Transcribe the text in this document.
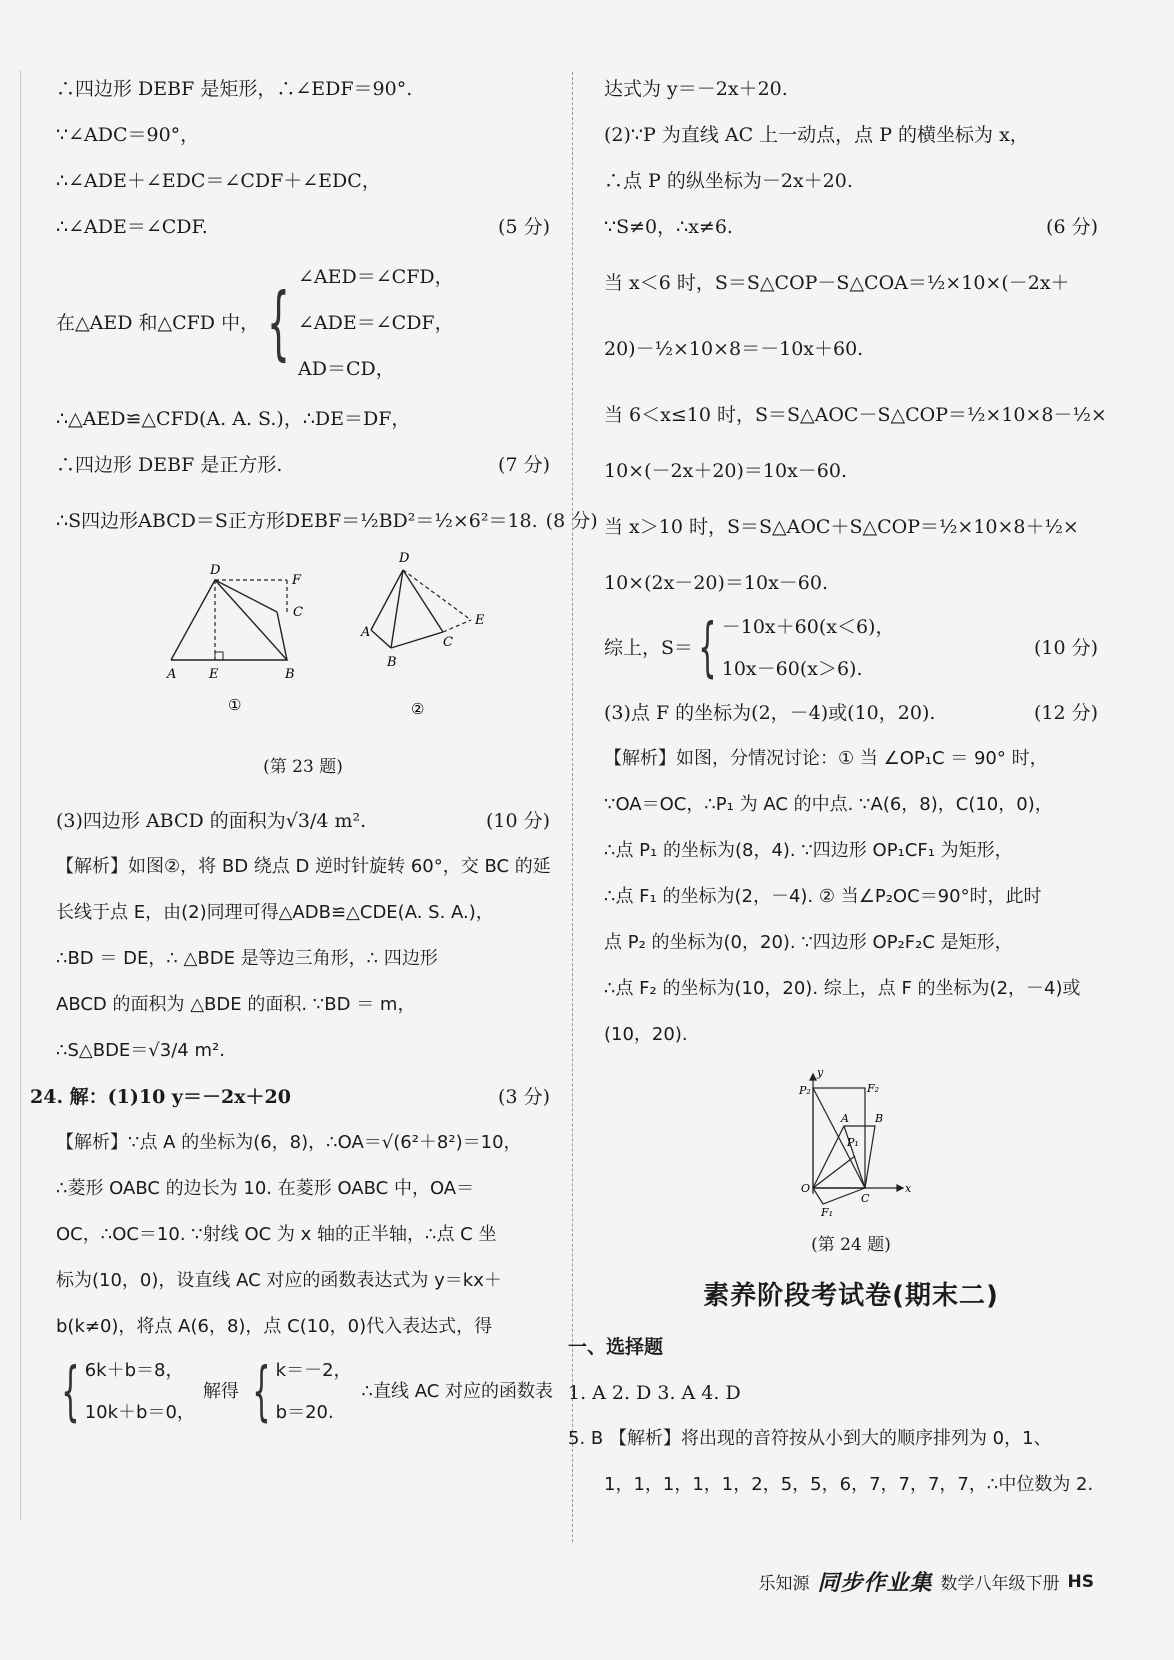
∴四边形 DEBF 是矩形，∴∠EDF＝90°.

∵∠ADC＝90°，

∴∠ADE＋∠EDC＝∠CDF＋∠EDC，

∴∠ADE＝∠CDF.	(5 分)

在△AED 和△CFD 中， { ∠AED＝∠CFD，
∠ADE＝∠CDF，
AD＝CD，

∴△AED≌△CFD(A. A. S.)，∴DE＝DF，

∴四边形 DEBF 是正方形.	(7 分)

∴S四边形ABCD＝S正方形DEBF＝½BD²＝½×6²＝18. (8 分)

D
F
C
A	E	B
①
D
E
A
C
B
②

(第 23 题)

(3)四边形 ABCD 的面积为√3/4 m².	(10 分)

【解析】如图②，将 BD 绕点 D 逆时针旋转 60°，交 BC 的延

长线于点 E，由(2)同理可得△ADB≌△CDE(A. S. A.)，

∴BD ＝ DE，∴ △BDE 是等边三角形，∴ 四边形

ABCD 的面积为 △BDE 的面积. ∵BD ＝ m，

∴S△BDE＝√3/4 m².

24. 解：(1)10 y＝－2x＋20	(3 分)

【解析】∵点 A 的坐标为(6，8)，∴OA＝√(6²＋8²)＝10，

∴菱形 OABC 的边长为 10. 在菱形 OABC 中，OA＝

OC，∴OC＝10. ∵射线 OC 为 x 轴的正半轴，∴点 C 坐

标为(10，0)，设直线 AC 对应的函数表达式为 y＝kx＋

b(k≠0)，将点 A(6，8)，点 C(10，0)代入表达式，得

{ 6k＋b＝8，
10k＋b＝0，
解得 { k＝－2，
b＝20.
∴直线 AC 对应的函数表

达式为 y＝－2x＋20.

(2)∵P 为直线 AC 上一动点，点 P 的横坐标为 x，

∴点 P 的纵坐标为－2x＋20.

∵S≠0，∴x≠6.	(6 分)

当 x＜6 时，S＝S△COP－S△COA＝½×10×(－2x＋

20)－½×10×8＝－10x＋60.

当 6＜x≤10 时，S＝S△AOC－S△COP＝½×10×8－½×

10×(－2x＋20)＝10x－60.

当 x＞10 时，S＝S△AOC＋S△COP＝½×10×8＋½×

10×(2x－20)＝10x－60.

综上，S＝ { －10x＋60(x＜6)，
10x－60(x＞6).
(10 分)

(3)点 F 的坐标为(2，－4)或(10，20).	(12 分)

【解析】如图，分情况讨论：① 当 ∠OP₁C ＝ 90° 时，

∵OA＝OC，∴P₁ 为 AC 的中点. ∵A(6，8)，C(10，0)，

∴点 P₁ 的坐标为(8，4). ∵四边形 OP₁CF₁ 为矩形，

∴点 F₁ 的坐标为(2，－4). ② 当∠P₂OC＝90°时，此时

点 P₂ 的坐标为(0，20). ∵四边形 OP₂F₂C 是矩形，

∴点 F₂ 的坐标为(10，20). 综上，点 F 的坐标为(2，－4)或

(10，20).

y
P₂	F₂
A B
P₁
O
C
x
F₁

(第 24 题)

素养阶段考试卷(期末二)

一、选择题

1. A 2. D 3. A 4. D

5. B 【解析】将出现的音符按从小到大的顺序排列为 0，1、

1，1，1，1，1，2，5，5，6，7，7，7，7，∴中位数为 2.

乐知源 同步作业集 数学八年级下册 HS
